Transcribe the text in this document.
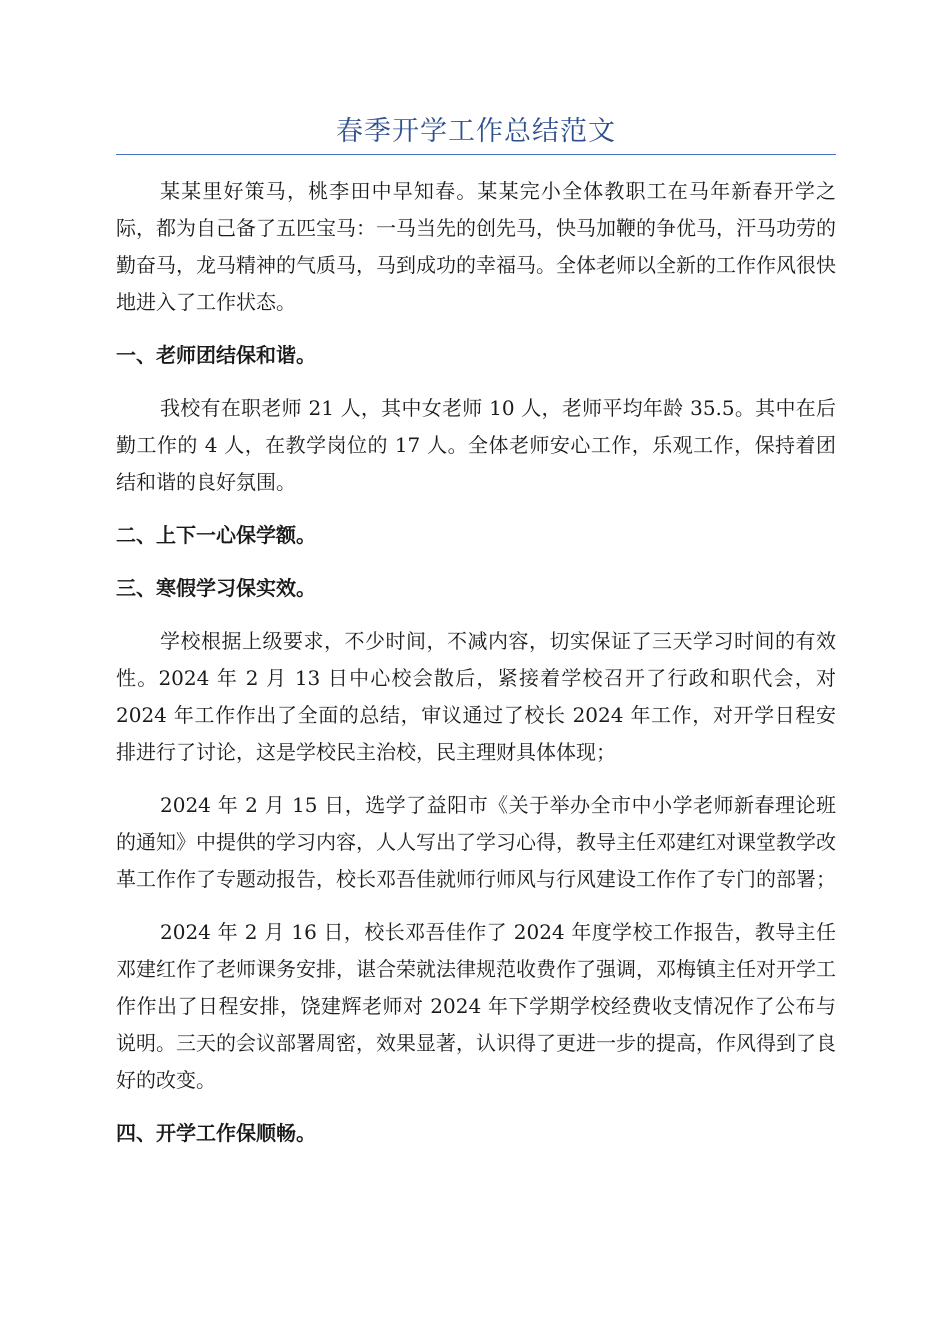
春季开学工作总结范文

某某里好策马，桃李田中早知春。某某完小全体教职工在马年新春开学之际，都为自己备了五匹宝马：一马当先的创先马，快马加鞭的争优马，汗马功劳的勤奋马，龙马精神的气质马，马到成功的幸福马。全体老师以全新的工作作风很快地进入了工作状态。

一、老师团结保和谐。

我校有在职老师 21 人，其中女老师 10 人，老师平均年龄 35.5。其中在后勤工作的 4 人，在教学岗位的 17 人。全体老师安心工作，乐观工作，保持着团结和谐的良好氛围。

二、上下一心保学额。
三、寒假学习保实效。

学校根据上级要求，不少时间，不减内容，切实保证了三天学习时间的有效性。2024 年 2 月 13 日中心校会散后，紧接着学校召开了行政和职代会，对 2024 年工作作出了全面的总结，审议通过了校长 2024 年工作，对开学日程安排进行了讨论，这是学校民主治校，民主理财具体体现；

2024 年 2 月 15 日，选学了益阳市《关于举办全市中小学老师新春理论班的通知》中提供的学习内容，人人写出了学习心得，教导主任邓建红对课堂教学改革工作作了专题动报告，校长邓吾佳就师行师风与行风建设工作作了专门的部署；

2024 年 2 月 16 日，校长邓吾佳作了 2024 年度学校工作报告，教导主任邓建红作了老师课务安排，谌合荣就法律规范收费作了强调，邓梅镇主任对开学工作作出了日程安排，饶建辉老师对 2024 年下学期学校经费收支情况作了公布与说明。三天的会议部署周密，效果显著，认识得了更进一步的提高，作风得到了良好的改变。

四、开学工作保顺畅。
